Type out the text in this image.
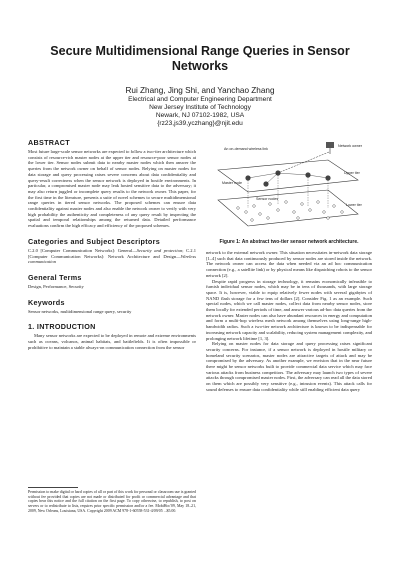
Secure Multidimensional Range Queries in Sensor
Networks
Rui Zhang, Jing Shi, and Yanchao Zhang
Electrical and Computer Engineering Department
New Jersey Institute of Technology
Newark, NJ 07102-1982, USA
{rz23,js39,yczhang}@njit.edu
ABSTRACT

Most future large-scale sensor networks are expected to follow a two-tier architecture which consists of resource-rich master nodes at the upper tier and resource-poor sensor nodes at the lower tier. Sensor nodes submit data to nearby master nodes which then answer the queries from the network owner on behalf of sensor nodes. Relying on master nodes for data storage and query processing raises severe concerns about data confidentiality and query-result correctness when the sensor network is deployed in hostile environments. In particular, a compromised master node may leak hosted sensitive data to the adversary; it may also return juggled or incomplete query results to the network owner. This paper, for the first time in the literature, presents a suite of novel schemes to secure multidimensional range queries in tiered sensor networks. The proposed schemes can ensure data confidentiality against master nodes and also enable the network owner to verify with very high probability the authenticity and completeness of any query result by inspecting the spatial and temporal relationships among the returned data. Detailed performance evaluations confirm the high efficacy and efficiency of the proposed schemes.

Categories and Subject Descriptors

C.2.0 [Computer Communication Networks]: General—Security and protection; C.2.1 [Computer Communication Networks]: Network Architecture and Design—Wireless communication

General Terms

Design, Performance, Security

Keywords

Sensor networks, multidimensional range query, security

1. INTRODUCTION

Many sensor networks are expected to be deployed in remote and extreme environments such as oceans, volcanos, animal habitats, and battlefields. It is often impossible or prohibitive to maintain a stable always-on communication connection from the sensor

Permission to make digital or hard copies of all or part of this work for personal or classroom use is granted without fee provided that copies are not made or distributed for profit or commercial advantage and that copies bear this notice and the full citation on the first page. To copy otherwise, to republish, to post on servers or to redistribute to lists, requires prior specific permission and/or a fee. MobiHoc'09, May 18–21, 2009, New Orleans, Louisiana, USA. Copyright 2009 ACM 978-1-60558-531-4/09/05 ...$5.00.

An on-demand wireless link
Network owner
Upper tier
Master node
Sensor nodes
Lower tier
Figure 1: An abstract two-tier sensor network architecture.

network to the external network owner. This situation necessitates in-network data storage [1–4] such that data continuously produced by sensor nodes are stored inside the network. The network owner can access the data when needed via an ad hoc communication connection (e.g., a satellite link) or by physical means like dispatching robots to the sensor network [2].

Despite rapid progress in storage technology, it remains economically infeasible to furnish individual sensor nodes, which may be in tens of thousands, with large storage space. It is, however, viable to equip relatively fewer nodes with several gigabytes of NAND flash storage for a few tens of dollars [2]. Consider Fig. 1 as an example. Such special nodes, which we call master nodes, collect data from nearby sensor nodes, store them locally for extended periods of time, and answer various ad-hoc data queries from the network owner. Master nodes can also have abundant resources in energy and computation and form a multi-hop wireless mesh network among themselves using long-range high-bandwidth radios. Such a two-tier network architecture is known to be indispensable for increasing network capacity and scalability, reducing system management complexity, and prolonging network lifetime [1, 3].

Relying on master nodes for data storage and query processing raises significant security concerns. For instance, if a sensor network is deployed in hostile military or homeland security scenarios, master nodes are attractive targets of attack and may be compromised by the adversary. As another example, we envision that in the near future there might be sensor networks built to provide commercial data service which may face various attacks from business competitors. The adversary may launch two types of severe attacks through compromised master nodes. First, the adversary can read all the data stored on them which are possibly very sensitive (e.g., intrusion events). This attack calls for sound defenses to ensure data confidentiality while still enabling efficient data query
